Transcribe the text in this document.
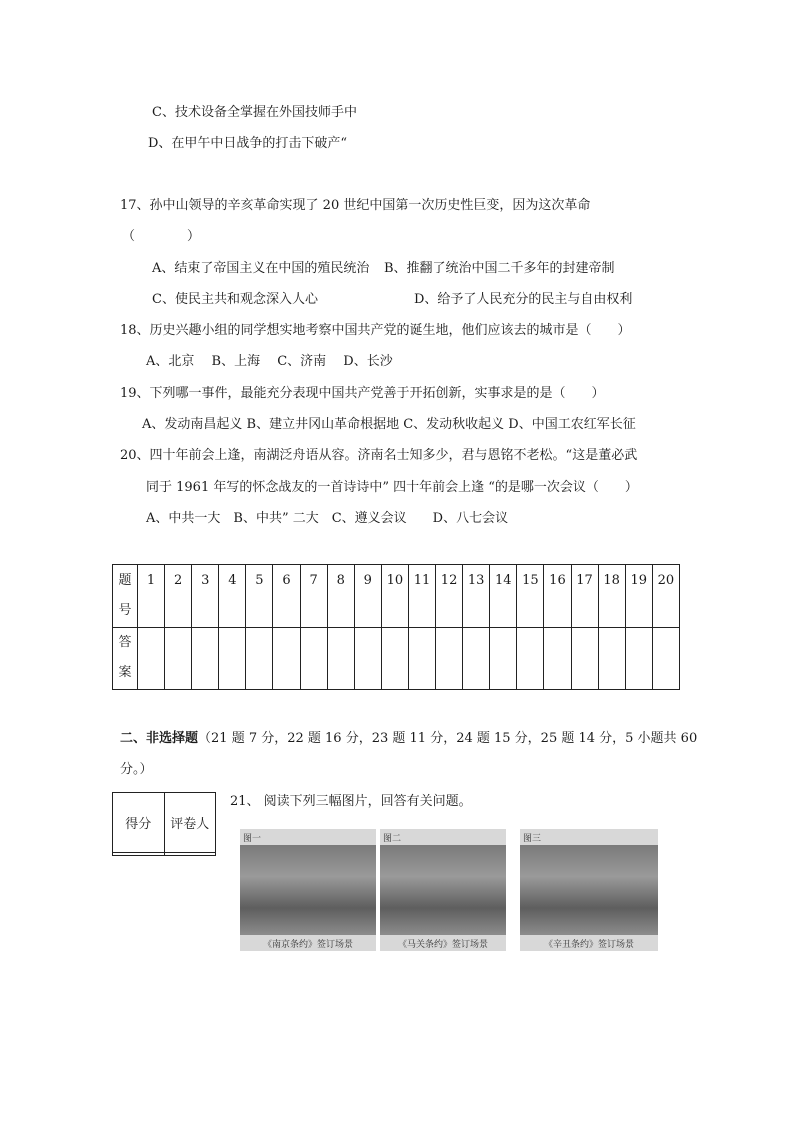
C、技术设备全掌握在外国技师手中
D、在甲午中日战争的打击下破产“
17、孙中山领导的辛亥革命实现了 20 世纪中国第一次历史性巨变，因为这次革命
（　　　　）
A、结束了帝国主义在中国的殖民统治 B、推翻了统治中国二千多年的封建帝制
C、使民主共和观念深入人心	D、给予了人民充分的民主与自由权利
18、历史兴趣小组的同学想实地考察中国共产党的诞生地，他们应该去的城市是（　　）
A、北京　 B、上海　 C、济南　 D、长沙
19、下列哪一事件，最能充分表现中国共产党善于开拓创新，实事求是的是（　　）
A、发动南昌起义 B、建立井冈山革命根据地 C、发动秋收起义 D、中国工农红军长征
20、四十年前会上逢，南湖泛舟语从容。济南名士知多少，君与恩铭不老松。“这是董必武
同于 1961 年写的怀念战友的一首诗诗中” 四十年前会上逢 “的是哪一次会议（　　）
A、中共一大　B、中共” 二大　C、遵义会议　　D、八七会议
题
号	1	2	3	4	5	6	7	8	9	10	11	12	13	14	15	16	17	18	19	20
答
案																				
二、非选择题（21 题 7 分，22 题 16 分，23 题 11 分，24 题 15 分，25 题 14 分，5 小题共 60
分。）
得分	评卷人

21、 阅读下列三幅图片，回答有关问题。
图一
《南京条约》签订场景
图二
《马关条约》签订场景
图三
《辛丑条约》签订场景
